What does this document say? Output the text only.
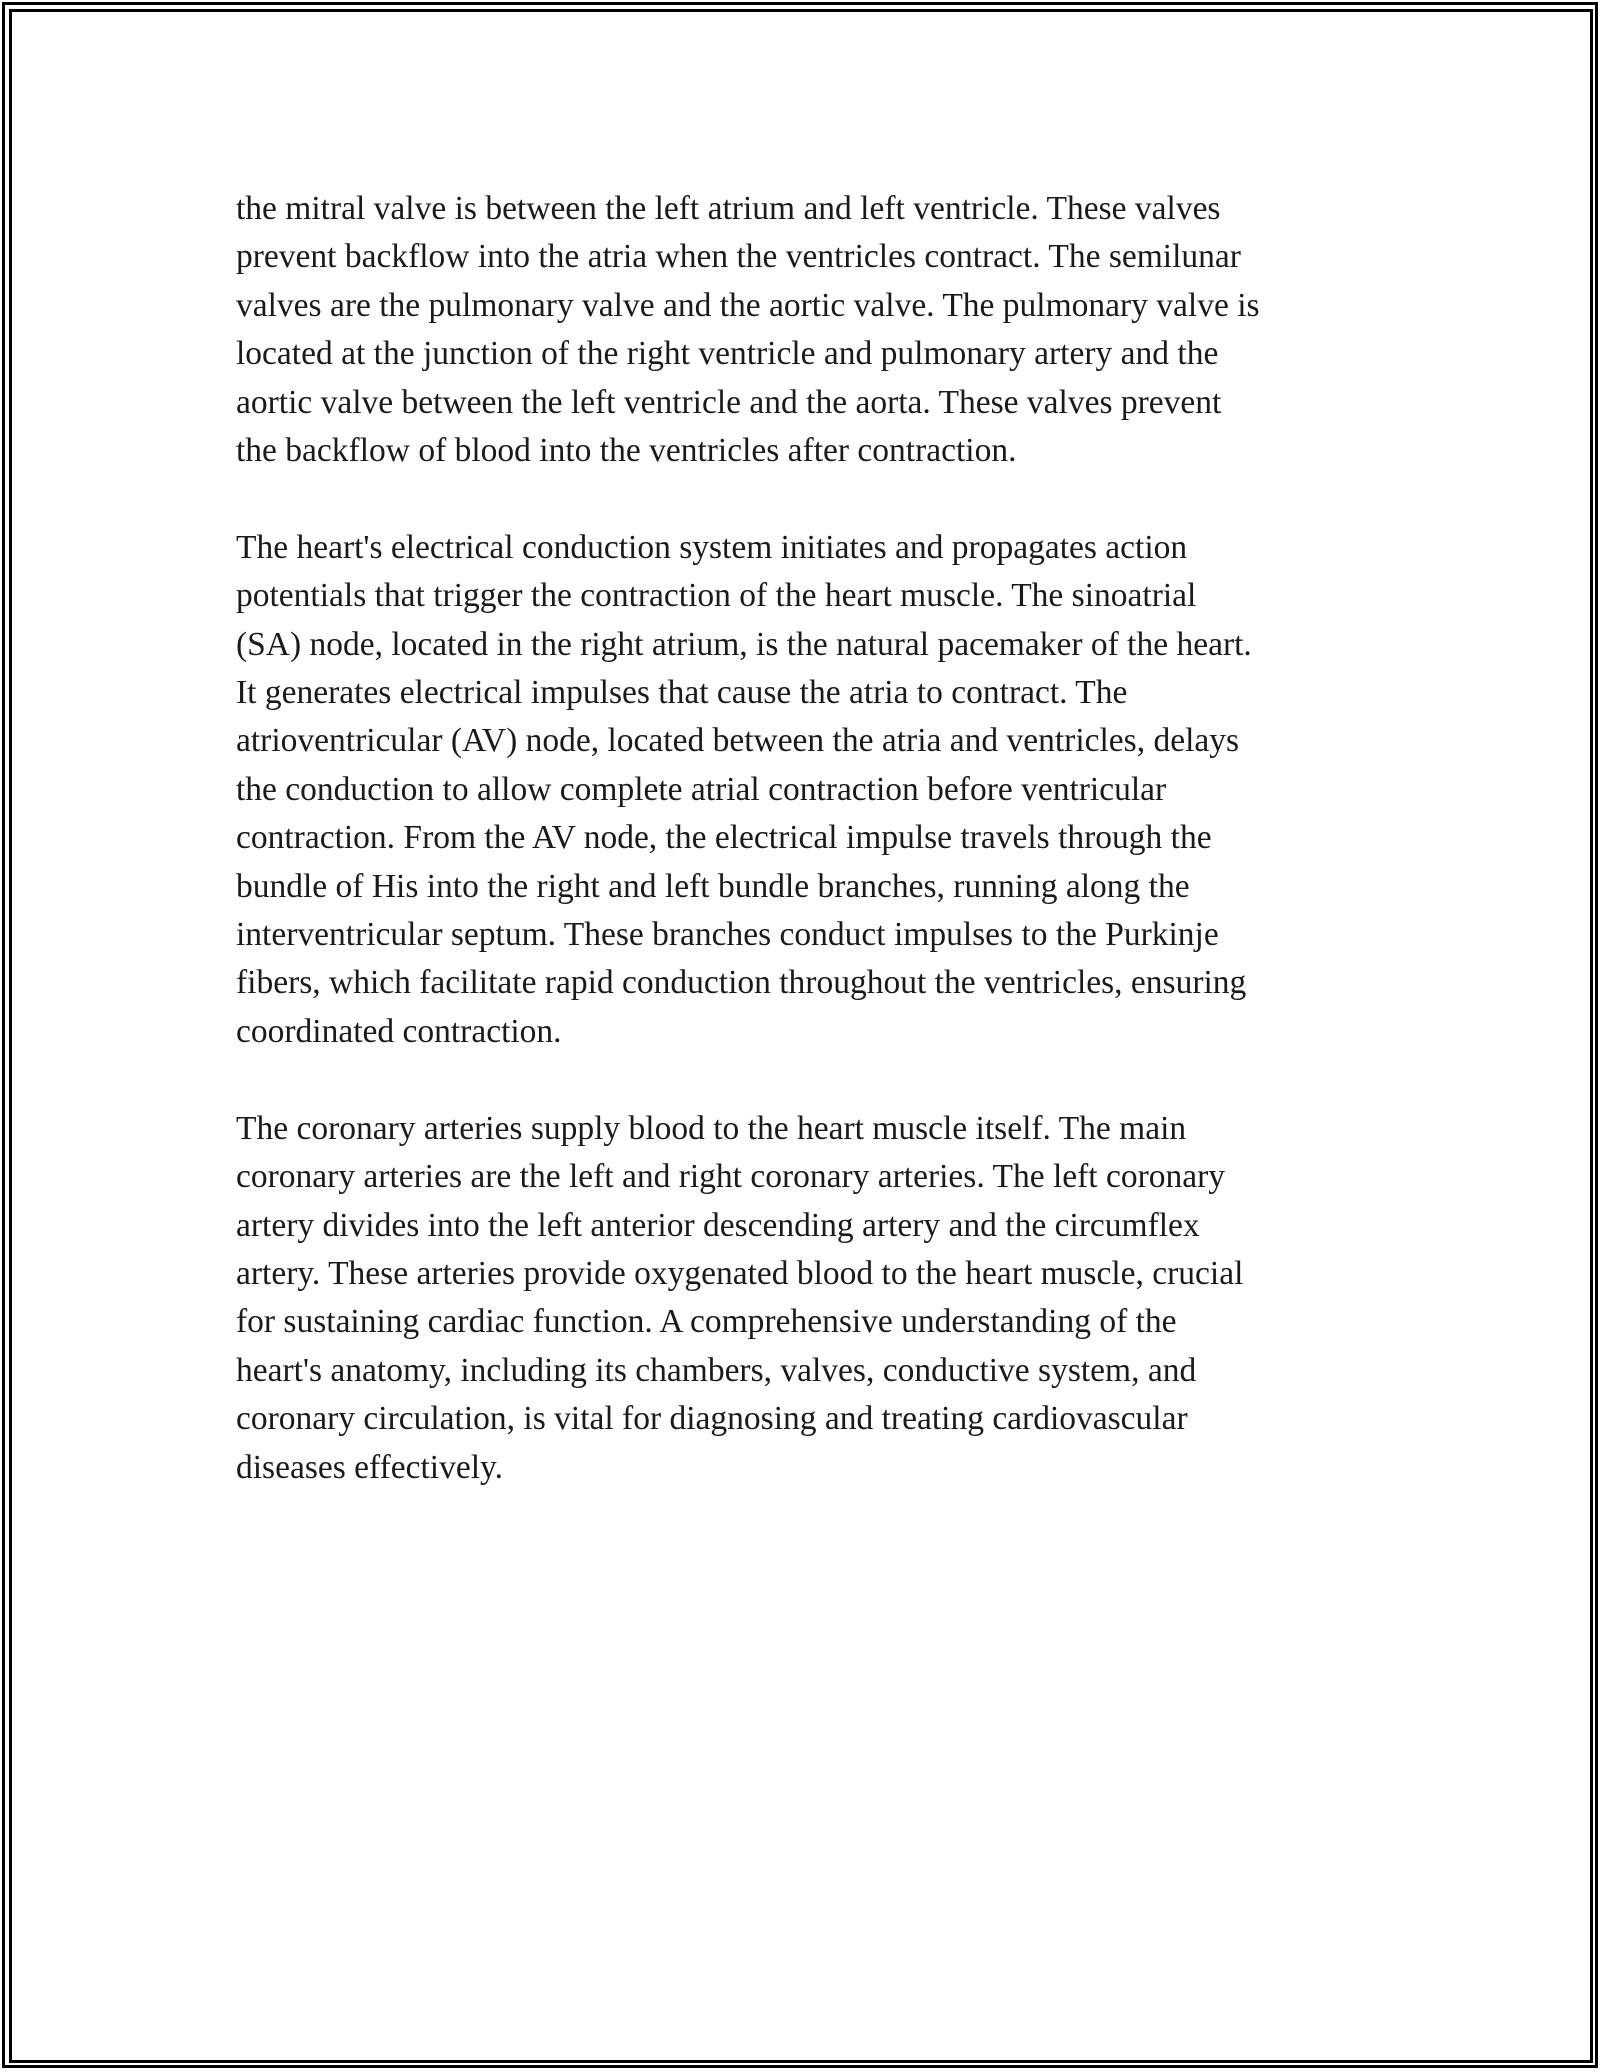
the mitral valve is between the left atrium and left ventricle. These valves
prevent backflow into the atria when the ventricles contract. The semilunar
valves are the pulmonary valve and the aortic valve. The pulmonary valve is
located at the junction of the right ventricle and pulmonary artery and the
aortic valve between the left ventricle and the aorta. These valves prevent
the backflow of blood into the ventricles after contraction.

The heart's electrical conduction system initiates and propagates action
potentials that trigger the contraction of the heart muscle. The sinoatrial
(SA) node, located in the right atrium, is the natural pacemaker of the heart.
It generates electrical impulses that cause the atria to contract. The
atrioventricular (AV) node, located between the atria and ventricles, delays
the conduction to allow complete atrial contraction before ventricular
contraction. From the AV node, the electrical impulse travels through the
bundle of His into the right and left bundle branches, running along the
interventricular septum. These branches conduct impulses to the Purkinje
fibers, which facilitate rapid conduction throughout the ventricles, ensuring
coordinated contraction.

The coronary arteries supply blood to the heart muscle itself. The main
coronary arteries are the left and right coronary arteries. The left coronary
artery divides into the left anterior descending artery and the circumflex
artery. These arteries provide oxygenated blood to the heart muscle, crucial
for sustaining cardiac function. A comprehensive understanding of the
heart's anatomy, including its chambers, valves, conductive system, and
coronary circulation, is vital for diagnosing and treating cardiovascular
diseases effectively.
